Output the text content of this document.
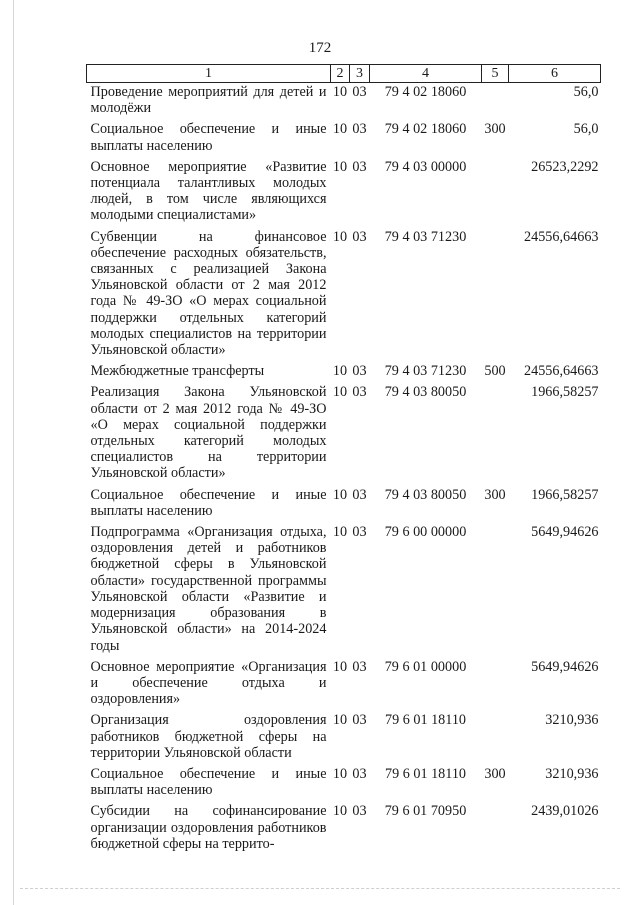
172
1	2	3	4	5	6
Проведение мероприятий для детей и молодёжи	10	03	79 4 02 18060		56,0
Социальное обеспечение и иные выплаты населению	10	03	79 4 02 18060	300	56,0
Основное мероприятие «Развитие потенциала талантливых молодых людей, в том числе являющихся молодыми специалистами»	10	03	79 4 03 00000		26523,2292
Субвенции на финансовое обеспечение расходных обязательств, связанных с реализацией Закона Ульяновской области от 2 мая 2012 года № 49-ЗО «О мерах социальной поддержки отдельных категорий молодых специалистов на территории Ульяновской области»	10	03	79 4 03 71230		24556,64663
Межбюджетные трансферты	10	03	79 4 03 71230	500	24556,64663
Реализация Закона Ульяновской области от 2 мая 2012 года № 49-ЗО «О мерах социальной поддержки отдельных категорий молодых специалистов на территории Ульяновской области»	10	03	79 4 03 80050		1966,58257
Социальное обеспечение и иные выплаты населению	10	03	79 4 03 80050	300	1966,58257
Подпрограмма «Организация отдыха, оздоровления детей и работников бюджетной сферы в Ульяновской области» государственной программы Ульяновской области «Развитие и модернизация образования в Ульяновской области» на 2014-2024 годы	10	03	79 6 00 00000		5649,94626
Основное мероприятие «Организация и обеспечение отдыха и оздоровления»	10	03	79 6 01 00000		5649,94626
Организация оздоровления работников бюджетной сферы на территории Ульяновской области	10	03	79 6 01 18110		3210,936
Социальное обеспечение и иные выплаты населению	10	03	79 6 01 18110	300	3210,936
Субсидии на софинансирование организации оздоровления работников бюджетной сферы на террито-	10	03	79 6 01 70950		2439,01026
